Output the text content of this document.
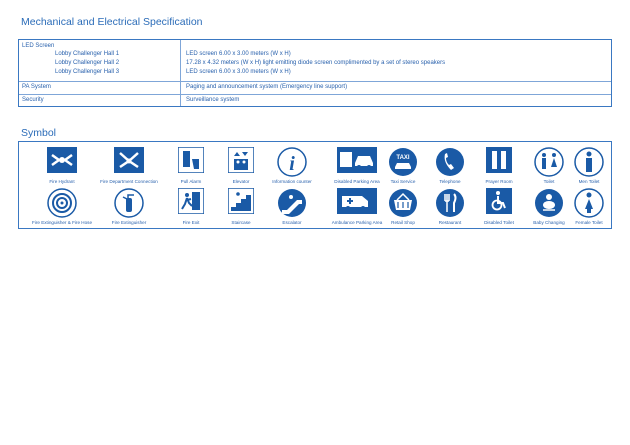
Mechanical and Electrical Specification
LED Screen
Lobby Challenger Hall 1	LED screen 6.00 x 3.00 meters (W x H)
Lobby Challenger Hall 2	17.28 x 4.32 meters (W x H) light emitting diode screen complimented by a set of stereo speakers
Lobby Challenger Hall 3	LED screen 6.00 x 3.00 meters (W x H)
PA System	Paging and announcement system (Emergency line support)
Security	Surveillance system
Symbol
Fire Hydrant	Fire Department Connection	Pull Alarm	Elevator
i
Information counter	Disabled Parking Area
TAXI
Taxi Service	Telephone	Prayer Room	Toilet	Men Toilet
Fire Extinguisher & Fire Hose	Fire Extinguisher	Fire Exit	Staircase	Escalator	Ambulance Parking Area	Retail Shop	Restaurant	Disabled Toilet	Baby Changing	Female Toilet
